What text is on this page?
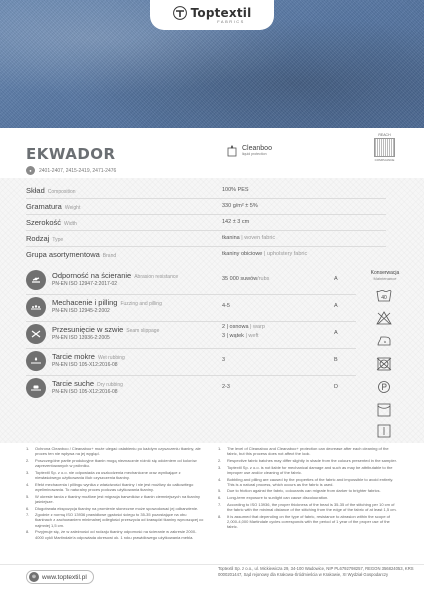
Toptextil
FABRICS
EKWADOR
●	2401-2407, 2415-2419, 2471-2476
Cleanboo
liquid protection
REACH
COMPLIANCE
Skład Composition	100% PES
Gramatura Weight	330 g/m² ± 5%
Szerokość Width	142 ± 3 cm
Rodzaj Type	tkanina | woven fabric
Grupa asortymentowa Brand	tkaniny obiciowe | upholstery fabric
Odporność na ścieranie Abrasion resistance
PN-EN ISO 12947-2:2017-02
35 000 suwów/rubs	A
Mechacenie i pilling Fuzzing and pilling
PN-EN ISO 12945-2:2002
4-5	A
Przesunięcie w szwie Seam slippage
PN-EN ISO 13936-2:2005
2 | osnowa | warp
3 | wątek | weft	A
Tarcie mokre Wet rubbing
PN-EN ISO 105-X12:2016-08
3	B
Tarcie suche Dry rubbing
PN-EN ISO 105-X12:2016-08
2-3	D
Konserwacja
Maintenance
40
1.	Ochrona Cleanboo / Cleanaboo+ może ulegać osłabieniu po każdym czyszczeniu tkaniny, ale proces ten nie wpływa na jej wygląd.
2.	Poszczególne partie produkcyjne tkanin mogą nieznacznie różnić się odcieniem od kolorów zaprezentowanych w próbniku.
3.	Toptextil Sp. z o.o. nie odpowiada za uszkodzenia mechaniczne oraz wynikające z niewłaściwego użytkowania i/lub czyszczenia tkaniny.
4.	Efekt mechacenia i pillingu wynika z właściwości tkaniny i nie jest możliwy do całkowitego wyeliminowania. To naturalny proces podczas użytkowania tkaniny.
5.	W okresie tarcia z tkaniny możliwe jest migracja barwników z tkanin ciemniejszych na tkaniny jaśniejsze.
6.	Długotrwała ekspozycja tkaniny na promienie słoneczne może spowodować jej odbarwienie.
7.	Zgodnie z normą ISO 13936 prawidłowe gęstości ściegu to 35-35 pozostające na obu tkaninach z zachowaniem minimalnej odległości przeszycia od krawędzi tkaniny wynoszącej co najmniej 1,5 cm.
8.	Przyjmuje się, że w zależności od rodzaju tkaniny odporność na ścieranie w zakresie 2000-4000 cykli Martindale'a odpowiada okresowi ok. 1 roku prawidłowego użytkowania mebla.
1.	The level of Cleanaboo and Cleanaboo+ protection can decrease after each cleaning of the fabric, but this process does not affect the look.
2.	Respective fabric batches may differ slightly in shade from the colours presented in the sampler.
3.	Toptextil Sp. z o.o. is not liable for mechanical damage and such as may be attributable to the improper use and/or cleaning of the fabric.
4.	Bobbling and pilling are caused by the properties of the fabric and impossible to avoid entirely. This is a natural process, which occurs as the fabric is used.
5.	Due to friction against the fabric, colourants can migrate from darker to brighter fabrics.
6.	Long-term exposure to sunlight can cause discolouration.
7.	According to ISO 13936, the proper thickness of the bead is 35-35 of the stitching per 10 cm of the fabric with the minimal distance of the stitching from the edge of the fabric of at least 1,5 cm.
8.	It is assumed that depending on the type of fabric, resistance to abrasion within the scope of 2,000-4,000 Martindale cycles corresponds with the period of 1 year of the proper use of the fabric.
⊕ www.toptextil.pl
Toptextil Sp. z o.o., ul. Mickiewicza 29, 34-100 Wadowice, NIP PL6792798257, REGON 356824053, KRS 0000201447, Sąd rejonowy dla Krakowa-Śródmieścia w Krakowie, XI Wydział Gospodarczy
